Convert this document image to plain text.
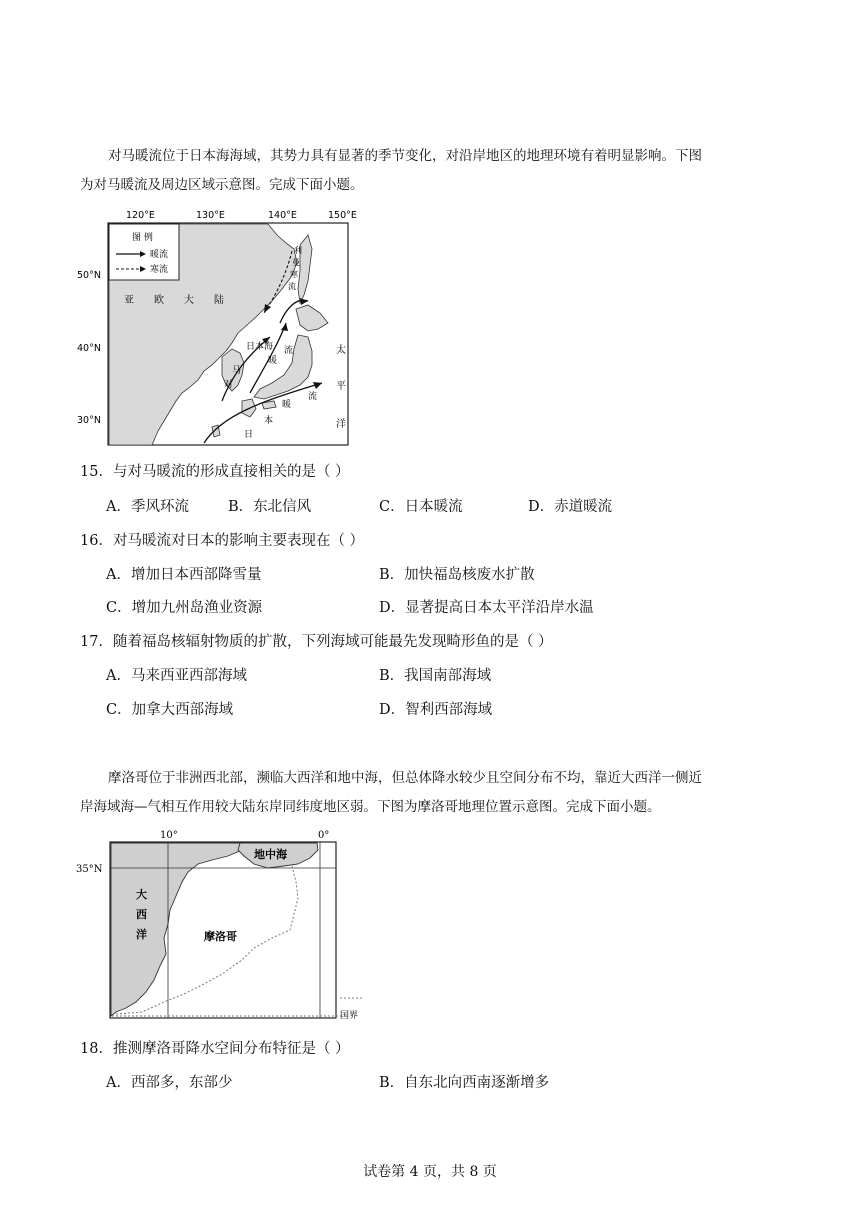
对马暖流位于日本海海域，其势力具有显著的季节变化，对沿岸地区的地理环境有着明显影响。下图
为对马暖流及周边区域示意图。完成下面小题。
图 例
暖流
寒流
120°E	130°E	140°E	150°E
50°N
40°N
30°N
亚 欧 大 陆
日本海
利
曼
寒
流
对
马
暖
流	太
平
洋
暖
流
本
日
15．与对马暖流的形成直接相关的是（ ）
A．季风环流	B．东北信风	C．日本暖流	D．赤道暖流
16．对马暖流对日本的影响主要表现在（ ）
A．增加日本西部降雪量	B．加快福岛核废水扩散
C．增加九州岛渔业资源	D．显著提高日本太平洋沿岸水温
17．随着福岛核辐射物质的扩散，下列海域可能最先发现畸形鱼的是（ ）
A．马来西亚西部海域	B．我国南部海域
C．加拿大西部海域	D．智利西部海域
摩洛哥位于非洲西北部，濒临大西洋和地中海，但总体降水较少且空间分布不均，靠近大西洋一侧近
岸海域海—气相互作用较大陆东岸同纬度地区弱。下图为摩洛哥地理位置示意图。完成下面小题。
10°	0°
35°N
地中海
大
西
洋	摩洛哥
国界
18．推测摩洛哥降水空间分布特征是（ ）
A．西部多，东部少	B．自东北向西南逐渐增多
试卷第 4 页，共 8 页
